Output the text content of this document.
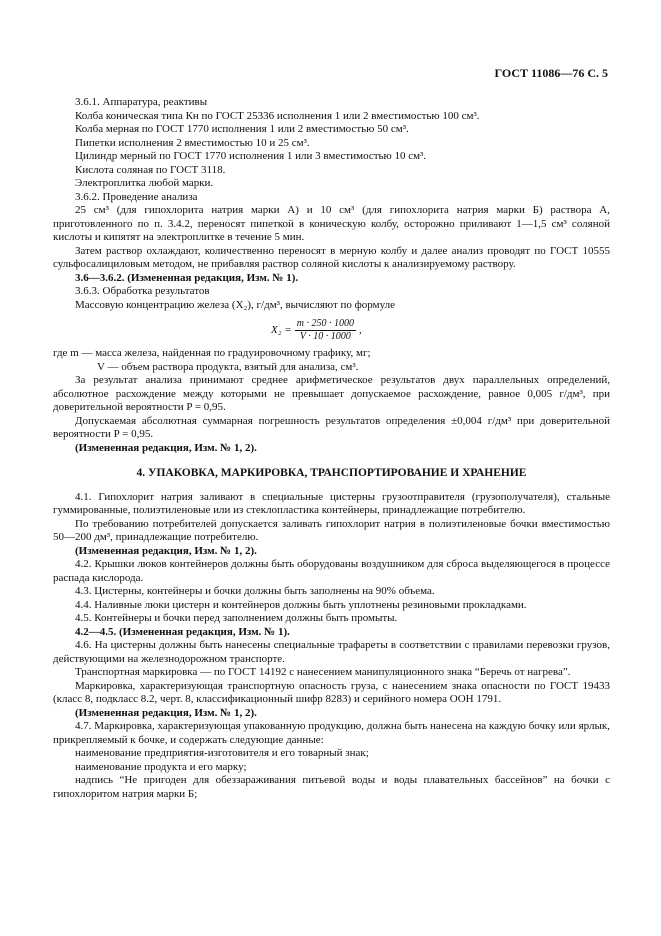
ГОСТ 11086—76 С. 5

3.6.1. Аппаратура, реактивы

Колба коническая типа Кн по ГОСТ 25336 исполнения 1 или 2 вместимостью 100 см³.

Колба мерная по ГОСТ 1770 исполнения 1 или 2 вместимостью 50 см³.

Пипетки исполнения 2 вместимостью 10 и 25 см³.

Цилиндр мерный по ГОСТ 1770 исполнения 1 или 3 вместимостью 10 см³.

Кислота соляная по ГОСТ 3118.

Электроплитка любой марки.

3.6.2. Проведение анализа

25 см³ (для гипохлорита натрия марки А) и 10 см³ (для гипохлорита натрия марки Б) раствора А, приготовленного по п. 3.4.2, переносят пипеткой в коническую колбу, осторожно приливают 1—1,5 см³ соляной кислоты и кипятят на электроплитке в течение 5 мин.

Затем раствор охлаждают, количественно переносят в мерную колбу и далее анализ проводят по ГОСТ 10555 сульфосалициловым методом, не прибавляя раствор соляной кислоты к анализируемому раствору.

3.6—3.6.2. (Измененная редакция, Изм. № 1).

3.6.3. Обработка результатов

Массовую концентрацию железа (X₂), г/дм³, вычисляют по формуле

$X_2 = \frac{m \cdot 250 \cdot 1000}{V \cdot 10 \cdot 1000}$ ,

где m — масса железа, найденная по градуировочному графику, мг;

V — объем раствора продукта, взятый для анализа, см³.

За результат анализа принимают среднее арифметическое результатов двух параллельных определений, абсолютное расхождение между которыми не превышает допускаемое расхождение, равное 0,005 г/дм³, при доверительной вероятности P = 0,95.

Допускаемая абсолютная суммарная погрешность результатов определения ±0,004 г/дм³ при доверительной вероятности P = 0,95.

(Измененная редакция, Изм. № 1, 2).

4. УПАКОВКА, МАРКИРОВКА, ТРАНСПОРТИРОВАНИЕ И ХРАНЕНИЕ

4.1. Гипохлорит натрия заливают в специальные цистерны грузоотправителя (грузополучателя), стальные гуммированные, полиэтиленовые или из стеклопластика контейнеры, принадлежащие потребителю.

По требованию потребителей допускается заливать гипохлорит натрия в полиэтиленовые бочки вместимостью 50—200 дм³, принадлежащие потребителю.

(Измененная редакция, Изм. № 1, 2).

4.2. Крышки люков контейнеров должны быть оборудованы воздушником для сброса выделяющегося в процессе распада кислорода.

4.3. Цистерны, контейнеры и бочки должны быть заполнены на 90% объема.

4.4. Наливные люки цистерн и контейнеров должны быть уплотнены резиновыми прокладками.

4.5. Контейнеры и бочки перед заполнением должны быть промыты.

4.2—4.5. (Измененная редакция, Изм. № 1).

4.6. На цистерны должны быть нанесены специальные трафареты в соответствии с правилами перевозки грузов, действующими на железнодорожном транспорте.

Транспортная маркировка — по ГОСТ 14192 с нанесением манипуляционного знака “Беречь от нагрева”.

Маркировка, характеризующая транспортную опасность груза, с нанесением знака опасности по ГОСТ 19433 (класс 8, подкласс 8.2, черт. 8, классификационный шифр 8283) и серийного номера ООН 1791.

(Измененная редакция, Изм. № 1, 2).

4.7. Маркировка, характеризующая упакованную продукцию, должна быть нанесена на каждую бочку или ярлык, прикрепляемый к бочке, и содержать следующие данные:

наименование предприятия-изготовителя и его товарный знак;

наименование продукта и его марку;

надпись “Не пригоден для обеззараживания питьевой воды и воды плавательных бассейнов” на бочки с гипохлоритом натрия марки Б;
